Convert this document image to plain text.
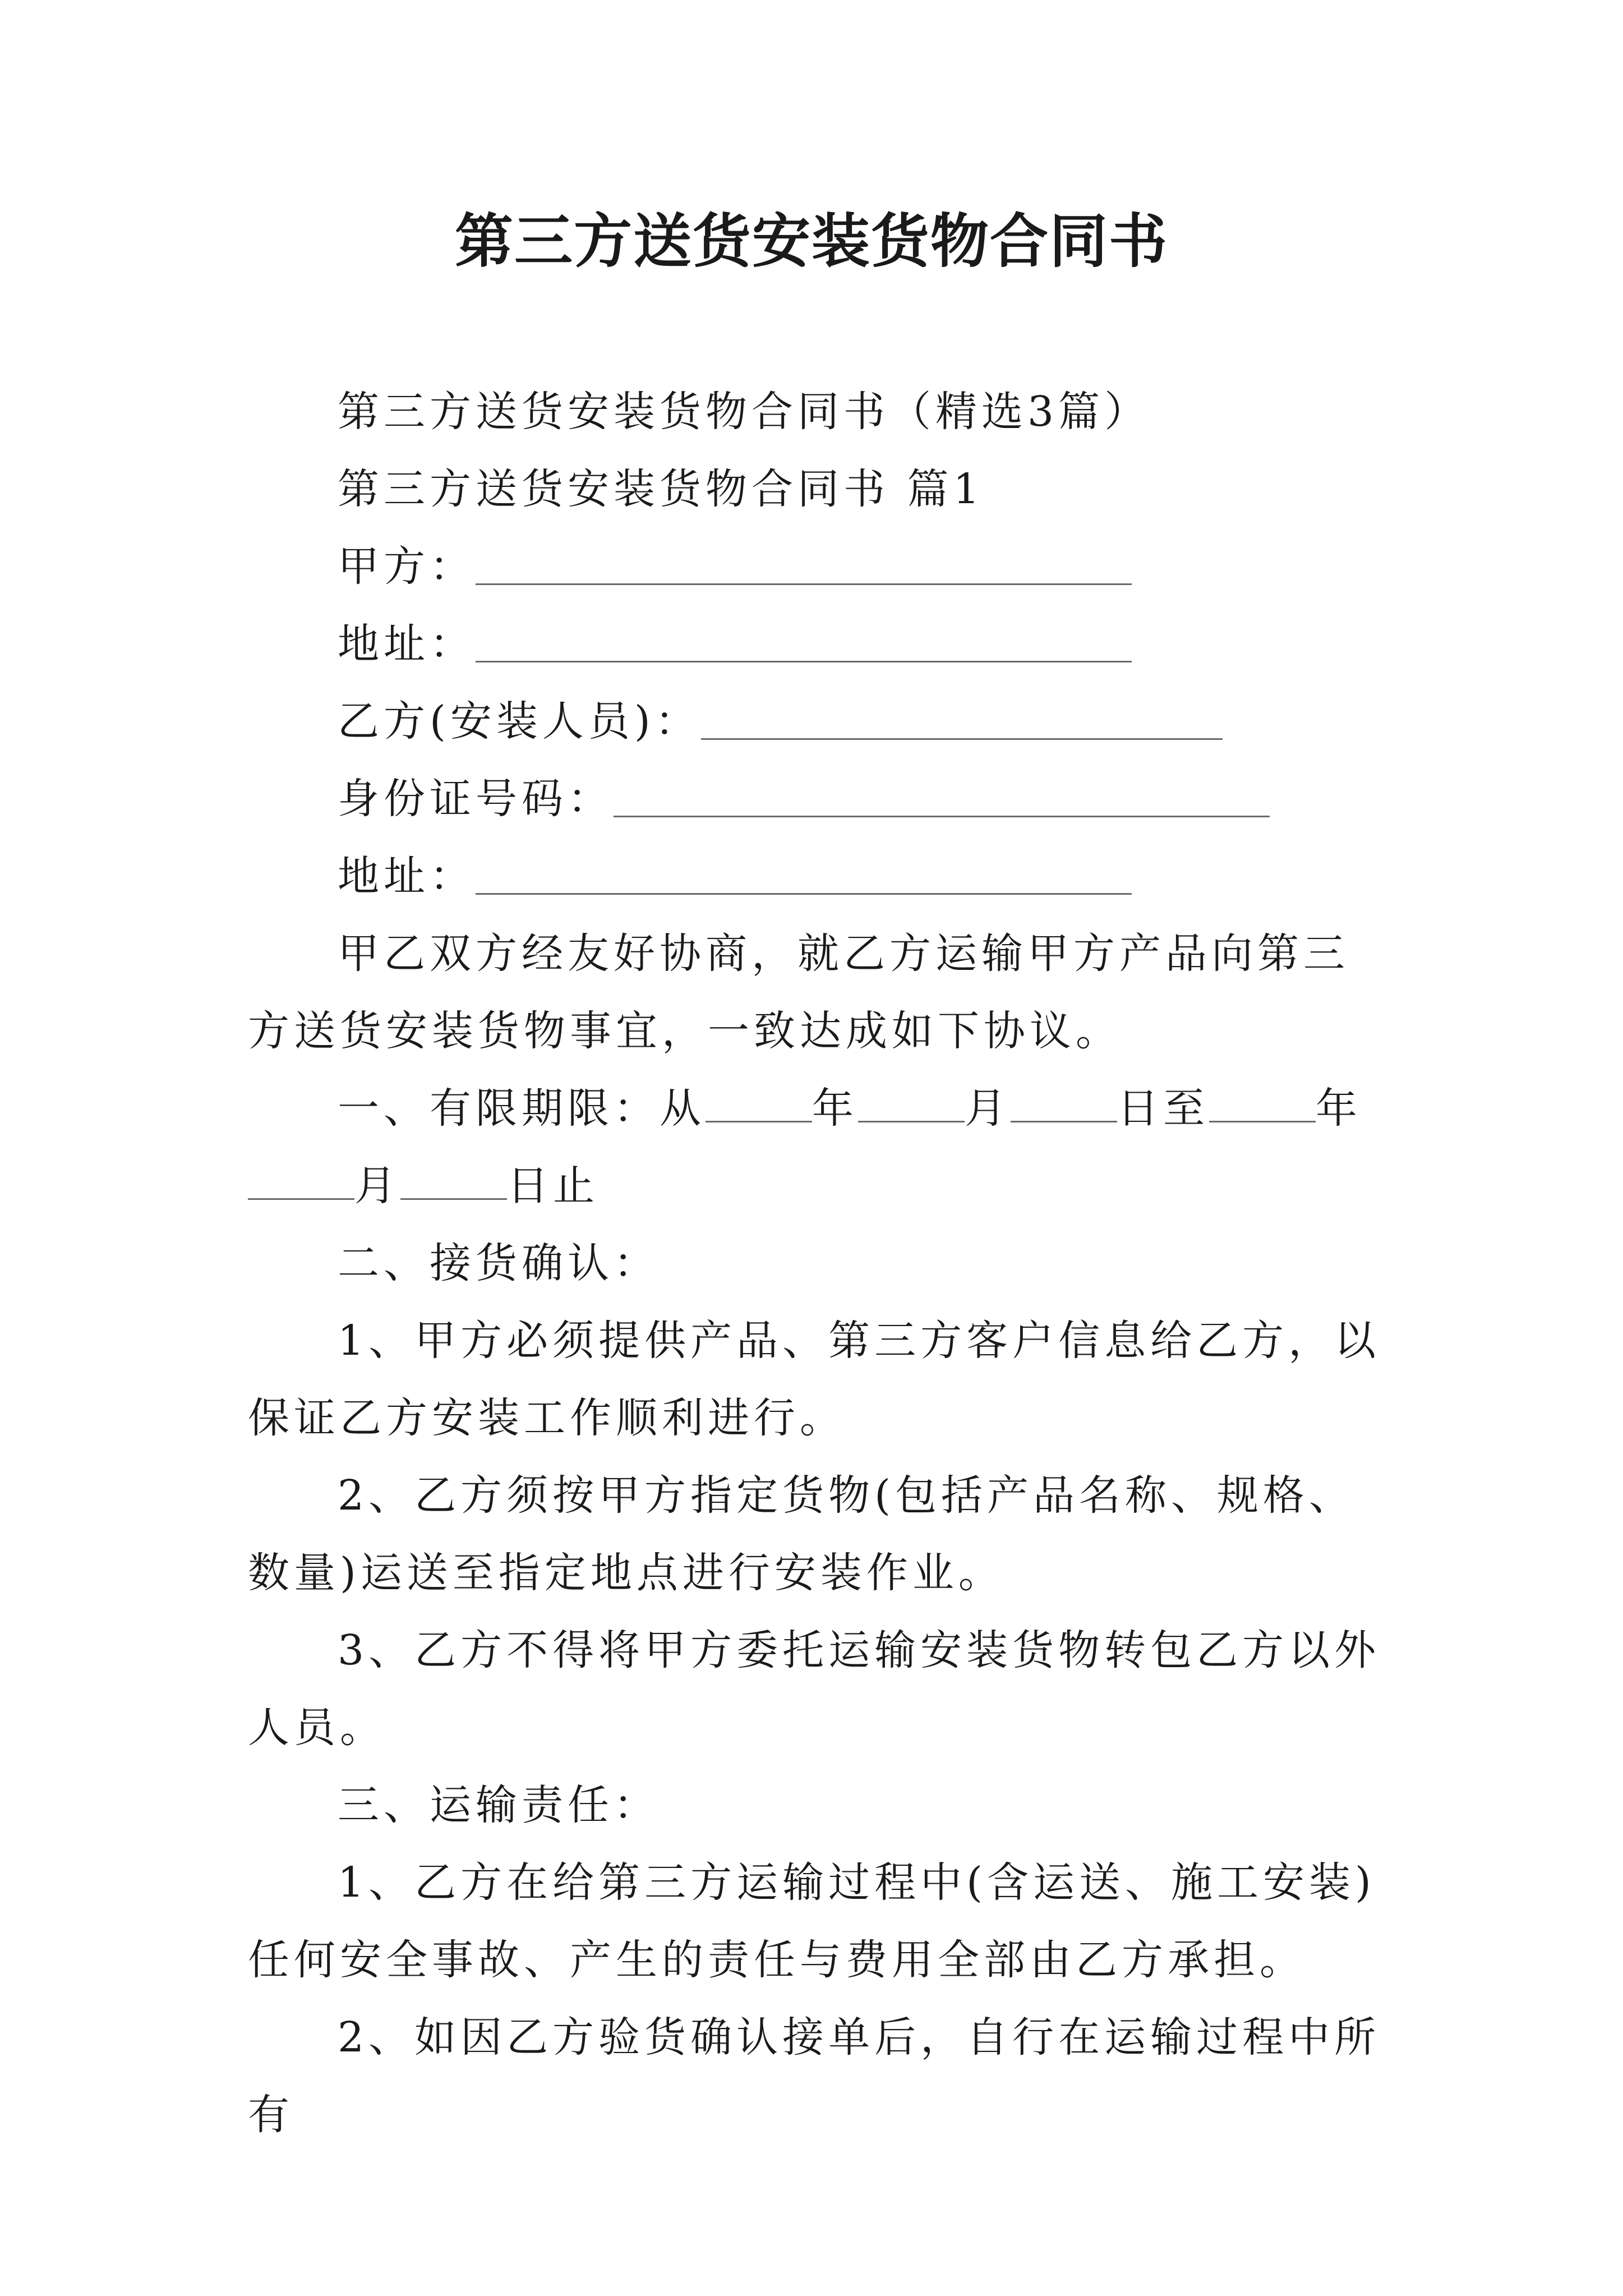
第三方送货安装货物合同书

第三方送货安装货物合同书（精选3篇）

第三方送货安装货物合同书 篇1

甲方：
地址：
乙方(安装人员)：
身份证号码：
地址：

甲乙双方经友好协商，就乙方运输甲方产品向第三方送货安装货物事宜，一致达成如下协议。

一、有限期限：从	年	月	日至	年月	日止

二、接货确认：

1、甲方必须提供产品、第三方客户信息给乙方，以保证乙方安装工作顺利进行。

2、乙方须按甲方指定货物(包括产品名称、规格、数量)运送至指定地点进行安装作业。

3、乙方不得将甲方委托运输安装货物转包乙方以外人员。

三、运输责任：

1、乙方在给第三方运输过程中(含运送、施工安装)任何安全事故、产生的责任与费用全部由乙方承担。

2、如因乙方验货确认接单后，自行在运输过程中所有
